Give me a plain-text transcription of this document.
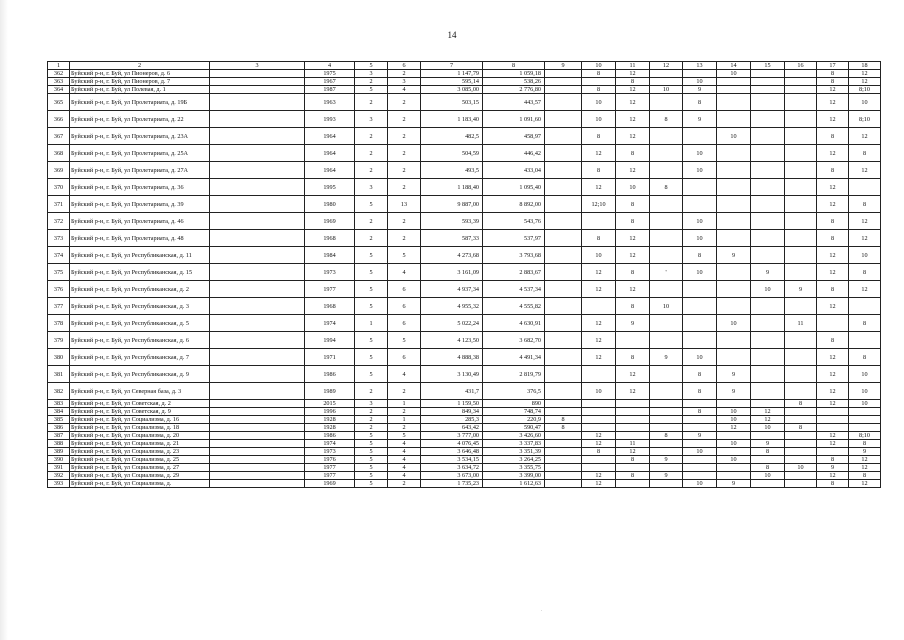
14
1	2	3	4	5	6	7	8	9	10	11	12	13	14	15	16	17	18
362	Буйский р-н, г. Буй, ул Пионеров, д. 6		1975	3	2	1 147,79	1 059,18		8	12			10			8	12
363	Буйский р-н, г. Буй, ул Пионеров, д. 7		1967	2	3	595,14	538,26			8		10				8	12
364	Буйский р-н, г. Буй, ул Полевая, д. 1		1987	5	4	3 085,00	2 776,80		8	12	10	9				12	8;10
365	Буйский р-н, г. Буй, ул Пролетариата, д. 19Б		1963	2	2	503,15	443,57		10	12		8				12	10
366	Буйский р-н, г. Буй, ул Пролетариата, д. 22		1993	3	2	1 183,40	1 091,60		10	12	8	9				12	8;10
367	Буйский р-н, г. Буй, ул Пролетариата, д. 23А		1964	2	2	482,5	458,97		8	12			10			8	12
368	Буйский р-н, г. Буй, ул Пролетариата, д. 25А		1964	2	2	504,59	446,42		12	8		10				12	8
369	Буйский р-н, г. Буй, ул Пролетариата, д. 27А		1964	2	2	493,5	433,04		8	12		10				8	12
370	Буйский р-н, г. Буй, ул Пролетариата, д. 36		1995	3	2	1 188,40	1 095,40		12	10	8					12	
371	Буйский р-н, г. Буй, ул Пролетариата, д. 39		1980	5	13	9 887,00	8 892,00		12;10	8						12	8
372	Буйский р-н, г. Буй, ул Пролетариата, д. 46		1969	2	2	593,39	543,76			8		10				8	12
373	Буйский р-н, г. Буй, ул Пролетариата, д. 48		1968	2	2	587,33	537,97		8	12		10				8	12
374	Буйский р-н, г. Буй, ул Республиканская, д. 11		1984	5	5	4 273,68	3 793,68		10	12		8	9			12	10
375	Буйский р-н, г. Буй, ул Республиканская, д. 15		1973	5	4	3 161,09	2 883,67		12	8	'	10		9		12	8
376	Буйский р-н, г. Буй, ул Республиканская, д. 2		1977	5	6	4 937,34	4 537,34		12	12				10	9	8	12
377	Буйский р-н, г. Буй, ул Республиканская, д. 3		1968	5	6	4 955,32	4 555,82			8	10					12	
378	Буйский р-н, г. Буй, ул Республиканская, д. 5		1974	1	6	5 022,24	4 630,91		12	9			10		11		8
379	Буйский р-н, г. Буй, ул Республиканская, д. 6		1994	5	5	4 123,50	3 682,70		12							8	
380	Буйский р-н, г. Буй, ул Республиканская, д. 7		1971	5	6	4 888,38	4 491,34		12	8	9	10				12	8
381	Буйский р-н, г. Буй, ул Республиканская, д. 9		1986	5	4	3 130,49	2 819,79			12		8	9			12	10
382	Буйский р-н, г. Буй, ул Северная база, д. 3		1989	2	2	431,7	376,5		10	12		8	9			12	10
383	Буйский р-н, г. Буй, ул Советская, д. 2		2015	3	1	1 159,50	890								8	12	10
384	Буйский р-н, г. Буй, ул Советская, д. 9		1996	2	2	849,34	748,74					8	10	12			
385	Буйский р-н, г. Буй, ул Социализма, д. 16		1928	2	1	285,3	220,9	8					10	12			
386	Буйский р-н, г. Буй, ул Социализма, д. 18		1928	2	2	643,42	590,47	8					12	10	8		
387	Буйский р-н, г. Буй, ул Социализма, д. 20		1986	5	5	3 777,00	3 426,60		12		8	9				12	8;10
388	Буйский р-н, г. Буй, ул Социализма, д. 21		1974	5	4	4 076,45	3 337,83		12	11			10	9		12	8
389	Буйский р-н, г. Буй, ул Социализма, д. 23		1973	5	4	3 646,48	3 351,39		8	12		10		8			9
390	Буйский р-н, г. Буй, ул Социализма, д. 25		1976	5	4	3 534,15	3 264,25			8	9		10			8	12
391	Буйский р-н, г. Буй, ул Социализма, д. 27		1977	5	4	3 634,72	3 355,75							8	10	9	12
392	Буйский р-н, г. Буй, ул Социализма, д. 29		1977	5	4	3 673,00	3 399,00		12	8	9			10		12	8
393	Буйский р-н, г. Буй, ул Социализма, д.		1969	5	2	1 735,23	1 612,63		12			10	9			8	12
'
